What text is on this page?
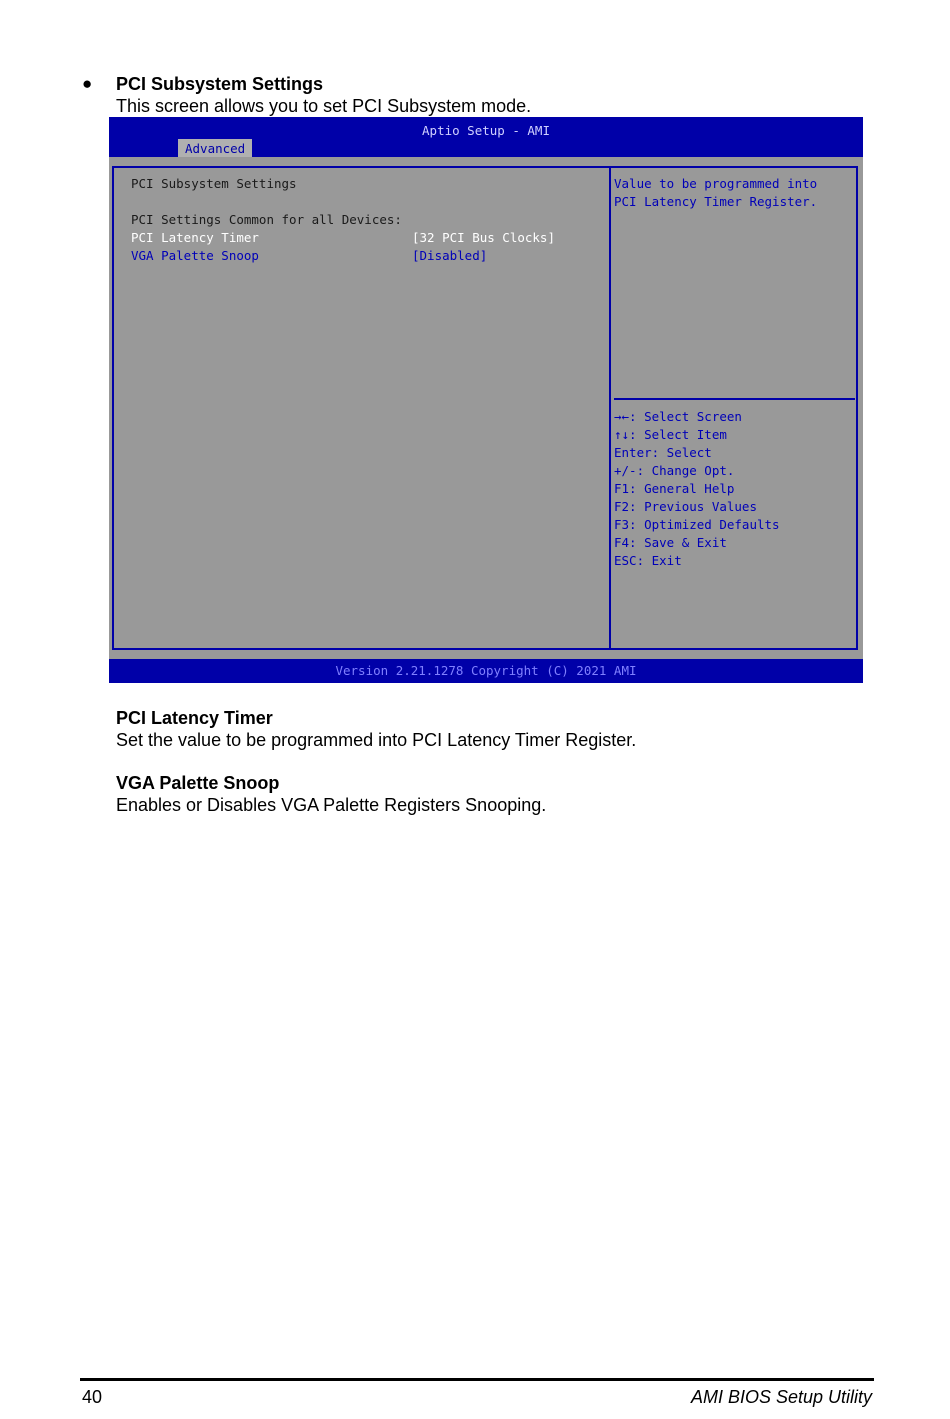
● PCI Subsystem Settings
This screen allows you to set PCI Subsystem mode.
Aptio Setup - AMI
Advanced
PCI Subsystem Settings
PCI Settings Common for all Devices:
PCI Latency Timer	[32 PCI Bus Clocks]
VGA Palette Snoop	[Disabled]
Value to be programmed into
PCI Latency Timer Register.
→←: Select Screen
↑↓: Select Item
Enter: Select
+/-: Change Opt.
F1: General Help
F2: Previous Values
F3: Optimized Defaults
F4: Save & Exit
ESC: Exit
Version 2.21.1278 Copyright (C) 2021 AMI
PCI Latency Timer
Set the value to be programmed into PCI Latency Timer Register.
VGA Palette Snoop
Enables or Disables VGA Palette Registers Snooping.
40	AMI BIOS Setup Utility
